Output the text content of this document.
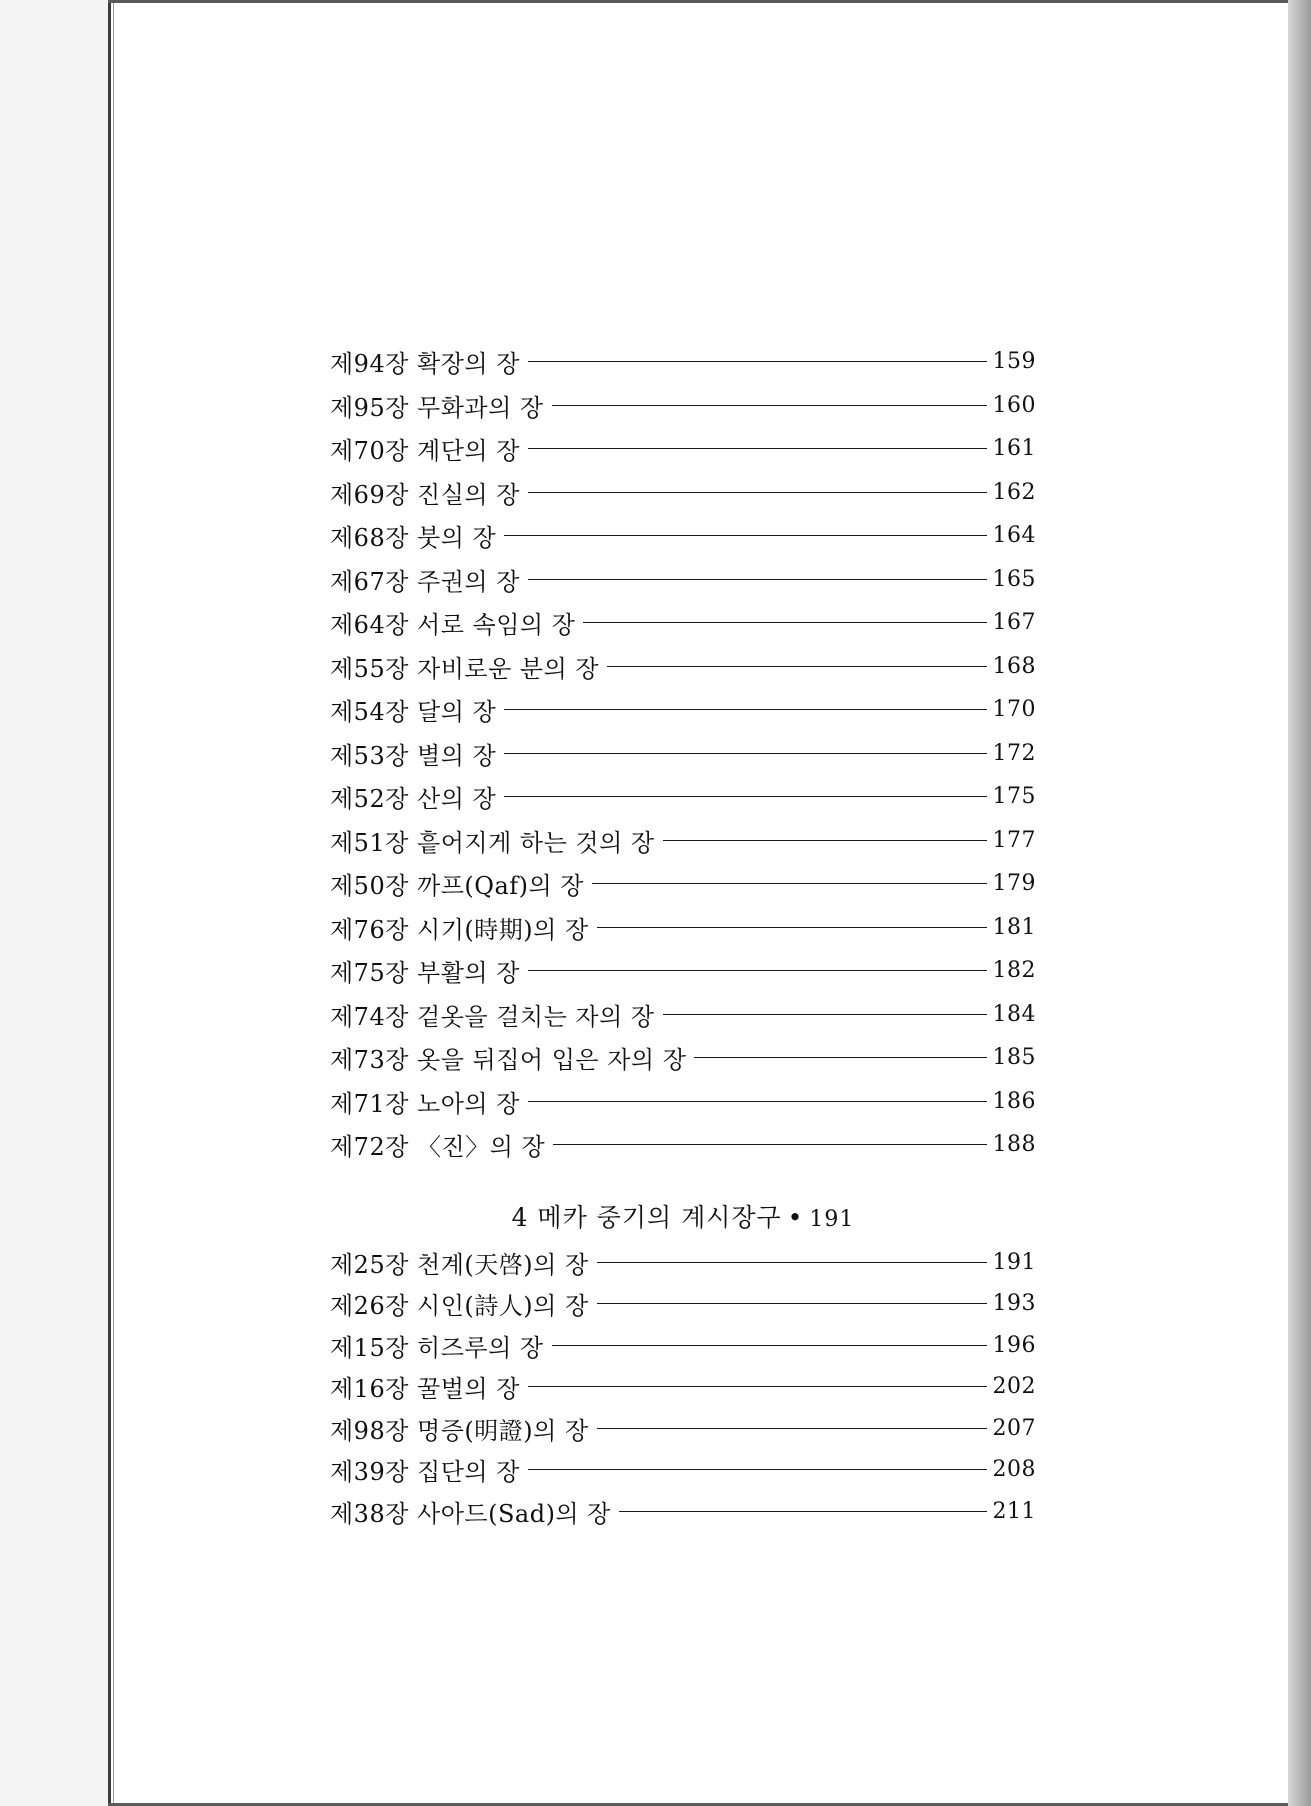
제94장 확장의 장	159
제95장 무화과의 장	160
제70장 계단의 장	161
제69장 진실의 장	162
제68장 붓의 장	164
제67장 주권의 장	165
제64장 서로 속임의 장	167
제55장 자비로운 분의 장	168
제54장 달의 장	170
제53장 별의 장	172
제52장 산의 장	175
제51장 흩어지게 하는 것의 장	177
제50장 까프(Qaf)의 장	179
제76장 시기(時期)의 장	181
제75장 부활의 장	182
제74장 겉옷을 걸치는 자의 장	184
제73장 옷을 뒤집어 입은 자의 장	185
제71장 노아의 장	186
제72장 〈진〉의 장	188
4 메카 중기의 계시장구 • 191
제25장 천계(天啓)의 장	191
제26장 시인(詩人)의 장	193
제15장 히즈루의 장	196
제16장 꿀벌의 장	202
제98장 명증(明證)의 장	207
제39장 집단의 장	208
제38장 사아드(Sad)의 장	211
